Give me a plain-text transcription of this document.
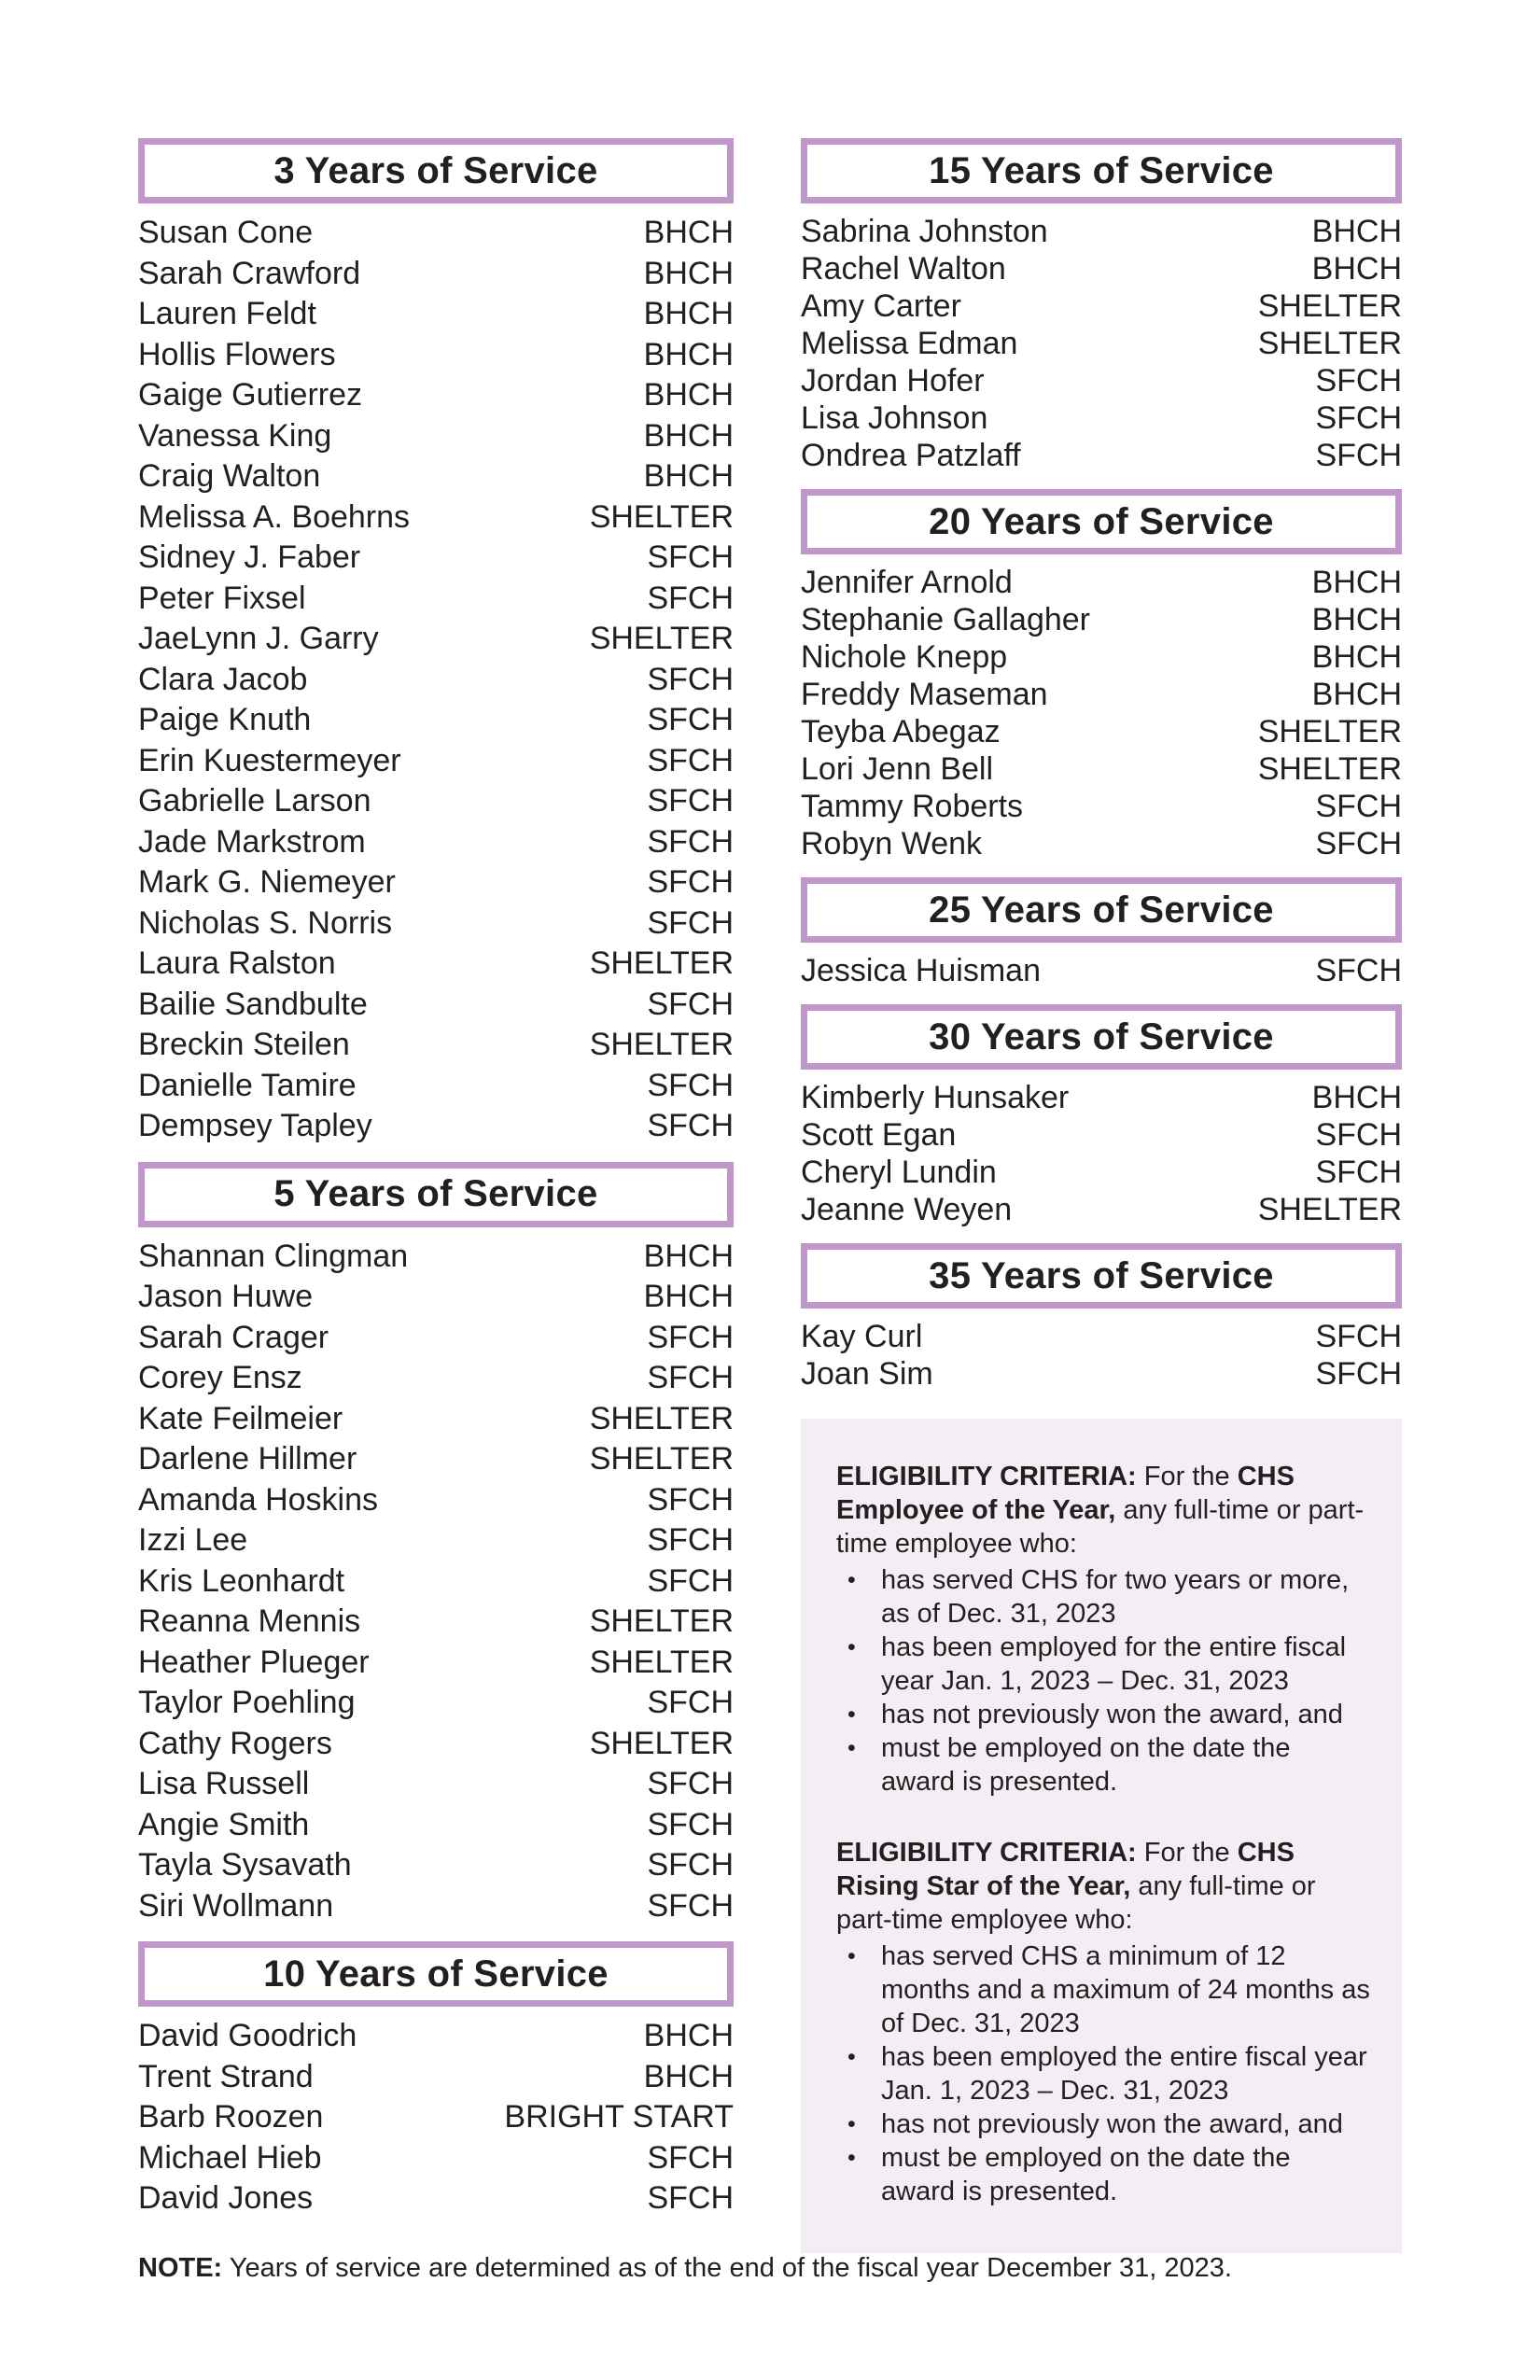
3 Years of Service
Susan Cone	BHCH
Sarah Crawford	BHCH
Lauren Feldt	BHCH
Hollis Flowers	BHCH
Gaige Gutierrez	BHCH
Vanessa King	BHCH
Craig Walton	BHCH
Melissa A. Boehrns	SHELTER
Sidney J. Faber	SFCH
Peter Fixsel	SFCH
JaeLynn J. Garry	SHELTER
Clara Jacob	SFCH
Paige Knuth	SFCH
Erin Kuestermeyer	SFCH
Gabrielle Larson	SFCH
Jade Markstrom	SFCH
Mark G. Niemeyer	SFCH
Nicholas S. Norris	SFCH
Laura Ralston	SHELTER
Bailie Sandbulte	SFCH
Breckin Steilen	SHELTER
Danielle Tamire	SFCH
Dempsey Tapley	SFCH
5 Years of Service
Shannan Clingman	BHCH
Jason Huwe	BHCH
Sarah Crager	SFCH
Corey Ensz	SFCH
Kate Feilmeier	SHELTER
Darlene Hillmer	SHELTER
Amanda Hoskins	SFCH
Izzi Lee	SFCH
Kris Leonhardt	SFCH
Reanna Mennis	SHELTER
Heather Plueger	SHELTER
Taylor Poehling	SFCH
Cathy Rogers	SHELTER
Lisa Russell	SFCH
Angie Smith	SFCH
Tayla Sysavath	SFCH
Siri Wollmann	SFCH
10 Years of Service
David Goodrich	BHCH
Trent Strand	BHCH
Barb Roozen	BRIGHT START
Michael Hieb	SFCH
David Jones	SFCH
15 Years of Service
Sabrina Johnston	BHCH
Rachel Walton	BHCH
Amy Carter	SHELTER
Melissa Edman	SHELTER
Jordan Hofer	SFCH
Lisa Johnson	SFCH
Ondrea Patzlaff	SFCH
20 Years of Service
Jennifer Arnold	BHCH
Stephanie Gallagher	BHCH
Nichole Knepp	BHCH
Freddy Maseman	BHCH
Teyba Abegaz	SHELTER
Lori Jenn Bell	SHELTER
Tammy Roberts	SFCH
Robyn Wenk	SFCH
25 Years of Service
Jessica Huisman	SFCH
30 Years of Service
Kimberly Hunsaker	BHCH
Scott Egan	SFCH
Cheryl Lundin	SFCH
Jeanne Weyen	SHELTER
35 Years of Service
Kay Curl	SFCH
Joan Sim	SFCH

ELIGIBILITY CRITERIA: For the CHS Employee of the Year, any full-time or part-time employee who:

• has served CHS for two years or more, as of Dec. 31, 2023
• has been employed for the entire fiscal year Jan. 1, 2023 – Dec. 31, 2023
• has not previously won the award, and
• must be employed on the date the award is presented.

ELIGIBILITY CRITERIA: For the CHS Rising Star of the Year, any full-time or part-time employee who:

• has served CHS a minimum of 12 months and a maximum of 24 months as of Dec. 31, 2023
• has been employed the entire fiscal year Jan. 1, 2023 – Dec. 31, 2023
• has not previously won the award, and
• must be employed on the date the award is presented.

NOTE: Years of service are determined as of the end of the fiscal year December 31, 2023.
